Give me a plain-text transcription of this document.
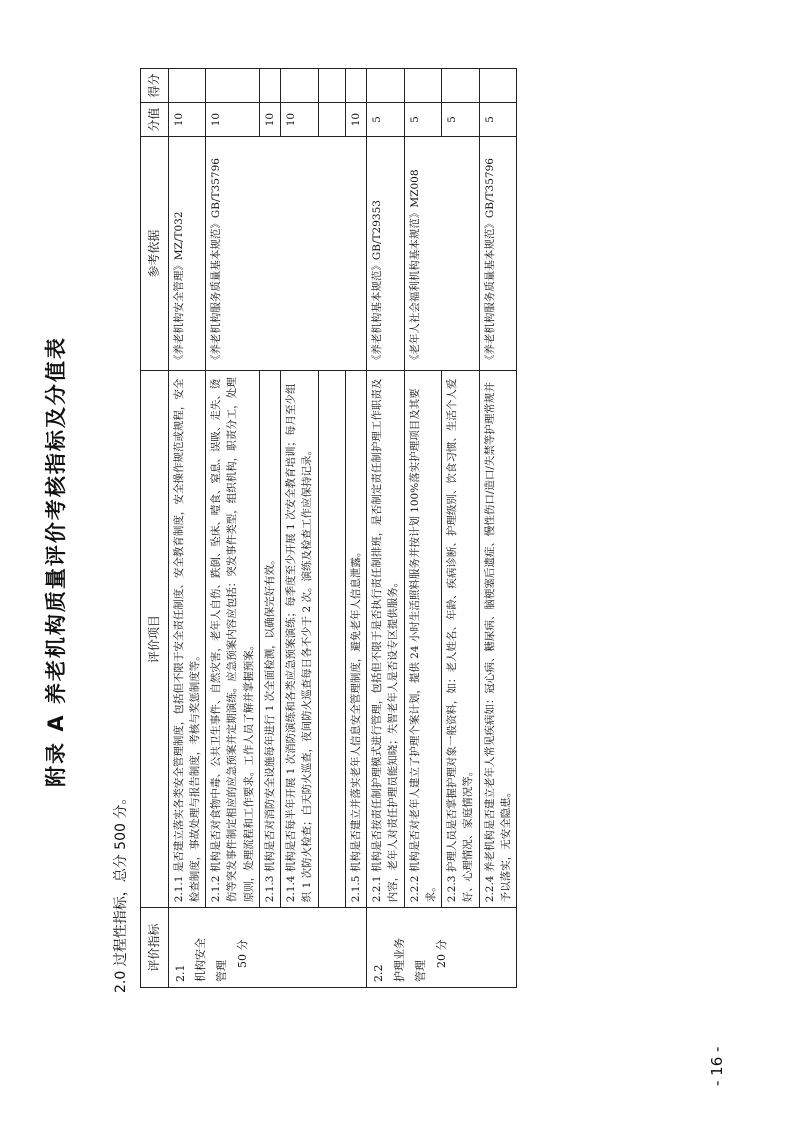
附录 A 养老机构质量评价考核指标及分值表
2.0 过程性指标，总分 500 分。 评价指标	评价项目	参考依据	分值	得分

2.1 机构安全 管理
50 分	2.1.1 是否建立落实各类安全管理制度，包括但不限于安全责任制度、安全教育制度，安全操作规范或规程，安全检查制度，事故处理与报告制度，考核与奖惩制度等。	《养老机构安全管理》MZ/T032	10	
	2.1.2 机构是否对食物中毒、公共卫生事件、自然灾害，老年人自伤、跌倒、坠床、噎食、窒息、误吸、走失、烫伤等突发事件制定相应的应急预案并定期演练。应急预案内容应包括：突发事件类型，组织机构，职责分工，处理原则，处理流程和工作要求。工作人员了解并掌握预案。	《养老机构服务质量基本规范》GB/T35796	10	
	2.1.3 机构是否对消防安全设施每年进行 1 次全面检测，以确保完好有效。		10	
	2.1.4 机构是否每半年开展 1 次消防演练和各类应急预案演练；每季度至少开展 1 次安全教育培训；每月至少组织 1 次防火检查；白天防火巡查，夜间防火巡查每日各不少于 2 次。演练及检查工作应保持记录。		10	

	2.1.5 机构是否建立并落实老年人信息安全管理制度，避免老年人信息泄露。		10	

2.2 护理业务 管理
20 分	2.2.1 机构是否按责任制护理模式进行管理，包括但不限于是否执行责任制排班，是否制定责任制护理工作职责及内容，老年人对责任护理员能知晓；失智老年人是否设专区提供服务。	《养老机构基本规范》GB/T29353	5	
	2.2.2 机构是否对老年人建立了护理个案计划，提供 24 小时生活照料服务并按计划 100%落实护理项目及其要求。	《老年人社会福利机构基本规范》MZ008	5	
	2.2.3 护理人员是否掌握护理对象一般资料，如：老人姓名、年龄、疾病诊断、护理级别、饮食习惯、生活个人爱好、心理情况、家庭情况等。		5	
	2.2.4 养老机构是否建立老年人常见疾病如：冠心病、糖尿病、脑梗塞后遗症、慢性伤口/造口/失禁等护理常规并予以落实，无安全隐患。	《养老机构服务质量基本规范》GB/T35796	5	
- 16 -
